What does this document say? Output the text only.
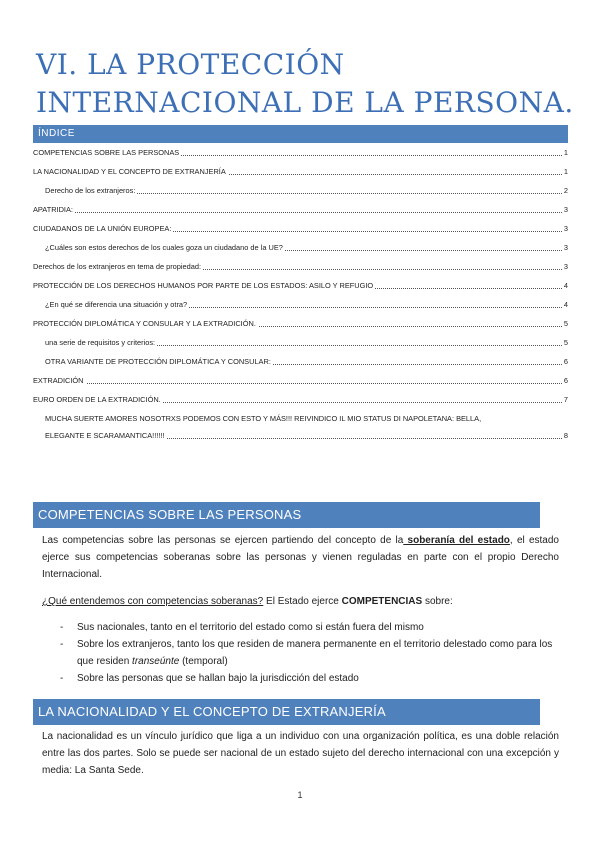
VI. LA PROTECCIÓN INTERNACIONAL DE LA PERSONA.
ÍNDICE
COMPETENCIAS SOBRE LAS PERSONAS	1
LA NACIONALIDAD Y EL CONCEPTO DE EXTRANJERÍA	1
Derecho de los extranjeros:	2
APATRIDIA:	3
CIUDADANOS DE LA UNIÓN EUROPEA:	3
¿Cuáles son estos derechos de los cuales goza un ciudadano de la UE?	3
Derechos de los extranjeros en tema de propiedad:	3
PROTECCIÓN DE LOS DERECHOS HUMANOS POR PARTE DE LOS ESTADOS: ASILO Y REFUGIO	4
¿En qué se diferencia una situación y otra?	4
PROTECCIÓN DIPLOMÁTICA Y CONSULAR Y LA EXTRADICIÓN.	5
una serie de requisitos y criterios:	5
OTRA VARIANTE DE PROTECCIÓN DIPLOMÁTICA Y CONSULAR:	6
EXTRADICIÓN	6
EURO ORDEN DE LA EXTRADICIÓN.	7
MUCHA SUERTE AMORES NOSOTRXS PODEMOS CON ESTO Y MÁS!!! REIVINDICO IL MIO STATUS DI NAPOLETANA: BELLA,
ELEGANTE E SCARAMANTICA!!!!!!	8
COMPETENCIAS SOBRE LAS PERSONAS
Las competencias sobre las personas se ejercen partiendo del concepto de la soberanía del estado, el estado ejerce sus competencias soberanas sobre las personas y vienen reguladas en parte con el propio Derecho Internacional.
¿Qué entendemos con competencias soberanas? El Estado ejerce COMPETENCIAS sobre:
- Sus nacionales, tanto en el territorio del estado como si están fuera del mismo
- Sobre los extranjeros, tanto los que residen de manera permanente en el territorio delestado como para los que residen transeúnte (temporal)
- Sobre las personas que se hallan bajo la jurisdicción del estado
LA NACIONALIDAD Y EL CONCEPTO DE EXTRANJERÍA
La nacionalidad es un vínculo jurídico que liga a un individuo con una organización política, es una doble relación entre las dos partes. Solo se puede ser nacional de un estado sujeto del derecho internacional con una excepción y media: La Santa Sede.
1
